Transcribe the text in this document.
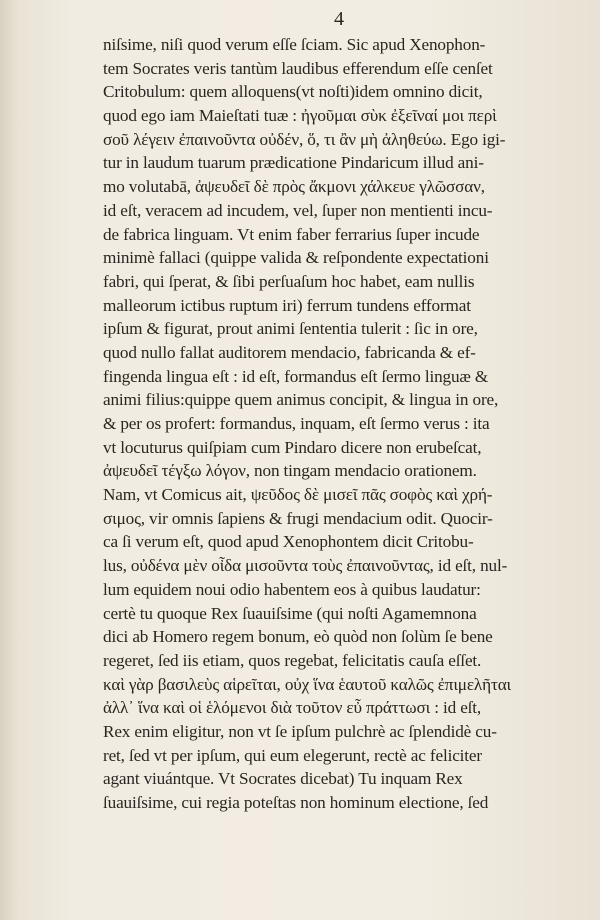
4
niſsime, niſi quod verum eſſe ſciam. Sic apud Xenophon-
tem Socrates veris tantùm laudibus efferendum eſſe cenſet
Critobulum: quem alloquens(vt noſti)idem omnino dicit,
quod ego iam Maieſtati tuæ : ἠγοῦμαι σὺκ ἐξεῖναί μοι περὶ
σοῦ λέγειν ἐπαινοῦντα οὐδέν, ὅ, τι ἂν μὴ ἀληθεύω. Ego igi-
tur in laudum tuarum prædicatione Pindaricum illud ani-
mo volutabā, ἀψευδεῖ δὲ πρὸς ἄκμονι χάλκευε γλῶσσαν,
id eſt, veracem ad incudem, vel, ſuper non mentienti incu-
de fabrica linguam. Vt enim faber ferrarius ſuper incude
minimè fallaci (quippe valida & reſpondente expectationi
fabri, qui ſperat, & ſibi perſuaſum hoc habet, eam nullis
malleorum ictibus ruptum iri) ferrum tundens efformat
ipſum & figurat, prout animi ſententia tulerit : ſic in ore,
quod nullo fallat auditorem mendacio, fabricanda & ef-
fingenda lingua eſt : id eſt, formandus eſt ſermo linguæ &
animi filius:quippe quem animus concipit, & lingua in ore,
& per os profert: formandus, inquam, eſt ſermo verus : ita
vt locuturus quiſpiam cum Pindaro dicere non erubeſcat,
ἀψευδεῖ τέγξω λόγον, non tingam mendacio orationem.
Nam, vt Comicus ait, ψεῦδος δὲ μισεῖ πᾶς σοφὸς καὶ χρή-
σιμος, vir omnis ſapiens & frugi mendacium odit. Quocir-
ca ſi verum eſt, quod apud Xenophontem dicit Critobu-
lus, οὐδένα μὲν οἶδα μισοῦντα τοὺς ἐπαινοῦντας, id eſt, nul-
lum equidem noui odio habentem eos à quibus laudatur:
certè tu quoque Rex ſuauiſsime (qui noſti Agamemnona
dici ab Homero regem bonum, eò quòd non ſolùm ſe bene
regeret, ſed iis etiam, quos regebat, felicitatis cauſa eſſet.
καὶ γὰρ βασιλεὺς αἱρεῖται, οὐχ ἵνα ἑαυτοῦ καλῶς ἐπιμελῆται
ἀλλ᾽ ἵνα καὶ οἱ ἑλόμενοι διὰ τοῦτον εὖ πράττωσι : id eſt,
Rex enim eligitur, non vt ſe ipſum pulchrè ac ſplendidè cu-
ret, ſed vt per ipſum, qui eum elegerunt, rectè ac feliciter
agant viuántque. Vt Socrates dicebat) Tu inquam Rex
ſuauiſsime, cui regia poteſtas non hominum electione, ſed
